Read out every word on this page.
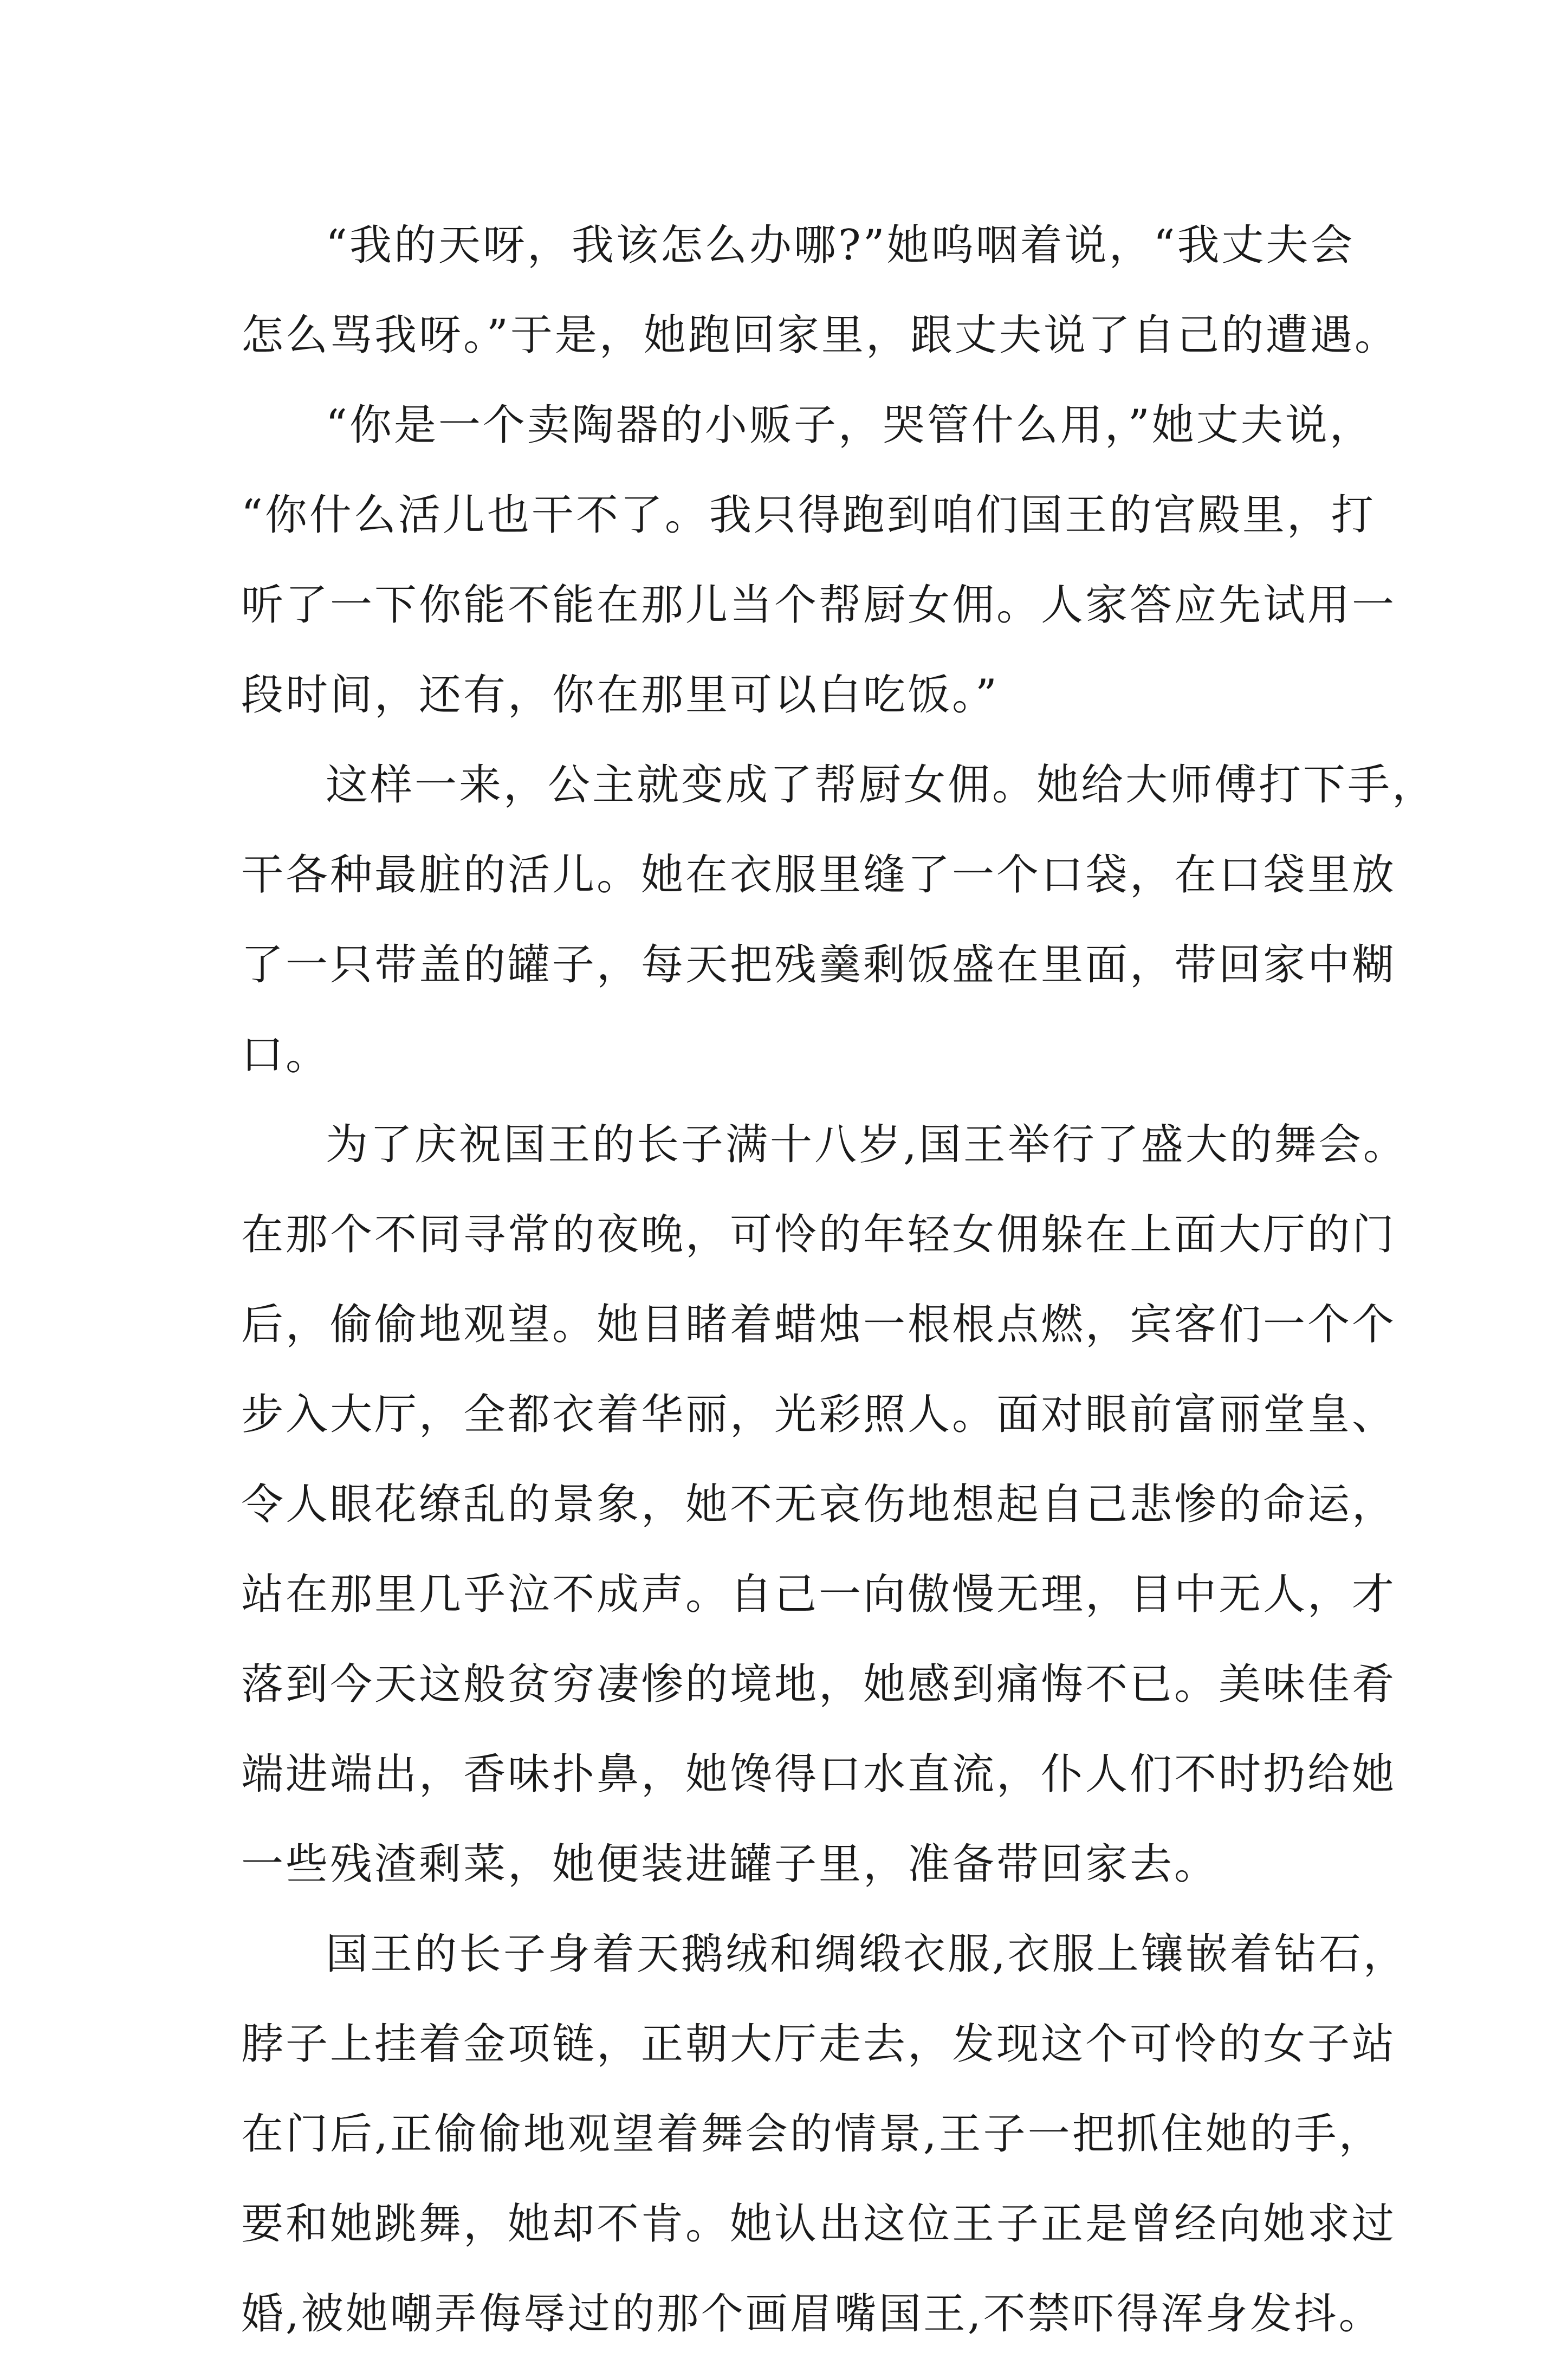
“我的天呀，我该怎么办哪?”她呜咽着说，“我丈夫会
怎么骂我呀。”于是，她跑回家里，跟丈夫说了自己的遭遇。
“你是一个卖陶器的小贩子，哭管什么用，”她丈夫说，
“你什么活儿也干不了。我只得跑到咱们国王的宫殿里，打
听了一下你能不能在那儿当个帮厨女佣。人家答应先试用一
段时间，还有，你在那里可以白吃饭。”
这样一来，公主就变成了帮厨女佣。她给大师傅打下手，
干各种最脏的活儿。她在衣服里缝了一个口袋，在口袋里放
了一只带盖的罐子，每天把残羹剩饭盛在里面，带回家中糊
口。
为了庆祝国王的长子满十八岁,国王举行了盛大的舞会。
在那个不同寻常的夜晚，可怜的年轻女佣躲在上面大厅的门
后，偷偷地观望。她目睹着蜡烛一根根点燃，宾客们一个个
步入大厅，全都衣着华丽，光彩照人。面对眼前富丽堂皇、
令人眼花缭乱的景象，她不无哀伤地想起自己悲惨的命运，
站在那里几乎泣不成声。自己一向傲慢无理，目中无人，才
落到今天这般贫穷凄惨的境地，她感到痛悔不已。美味佳肴
端进端出，香味扑鼻，她馋得口水直流，仆人们不时扔给她
一些残渣剩菜，她便装进罐子里，准备带回家去。
国王的长子身着天鹅绒和绸缎衣服,衣服上镶嵌着钻石，
脖子上挂着金项链，正朝大厅走去，发现这个可怜的女子站
在门后,正偷偷地观望着舞会的情景,王子一把抓住她的手，
要和她跳舞，她却不肯。她认出这位王子正是曾经向她求过
婚,被她嘲弄侮辱过的那个画眉嘴国王,不禁吓得浑身发抖。
